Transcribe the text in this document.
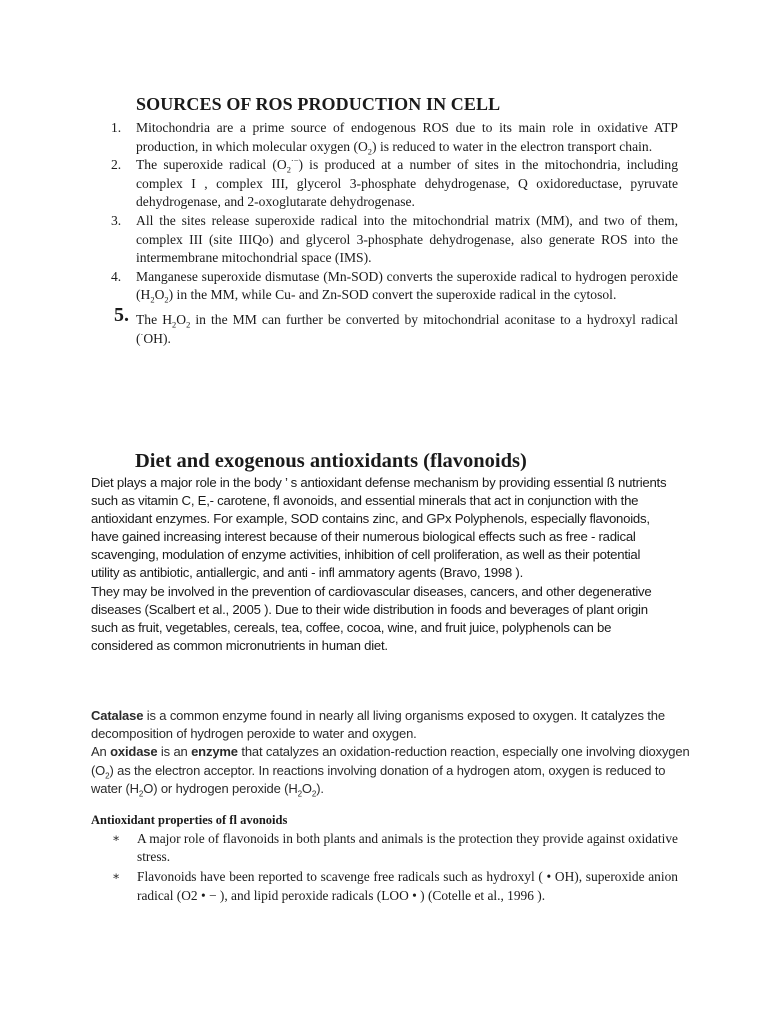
SOURCES OF ROS PRODUCTION IN CELL
1. Mitochondria are a prime source of endogenous ROS due to its main role in oxidative ATP production, in which molecular oxygen $(O_2)$ is reduced to water in the electron transport chain.
2. The superoxide radical $(O_2^{\cdot-})$ is produced at a number of sites in the mitochondria, including complex I , complex III, glycerol 3-phosphate dehydrogenase, Q oxidoreductase, pyruvate dehydrogenase, and 2-oxoglutarate dehydrogenase.
3. All the sites release superoxide radical into the mitochondrial matrix (MM), and two of them, complex III (site IIIQo) and glycerol 3-phosphate dehydrogenase, also generate ROS into the intermembrane mitochondrial space (IMS).
4. Manganese superoxide dismutase (Mn-SOD) converts the superoxide radical to hydrogen peroxide $(H_2O_2)$ in the MM, while Cu- and Zn-SOD convert the superoxide radical in the cytosol.
5. The $H_2O_2$ in the MM can further be converted by mitochondrial aconitase to a hydroxyl radical (·OH).
Diet and exogenous antioxidants (flavonoids)

Diet plays a major role in the body ’ s antioxidant defense mechanism by providing essential ß nutrients such as vitamin C, E,- carotene, fl avonoids, and essential minerals that act in conjunction with the antioxidant enzymes. For example, SOD contains zinc, and GPx Polyphenols, especially flavonoids, have gained increasing interest because of their numerous biological effects such as free - radical scavenging, modulation of enzyme activities, inhibition of cell proliferation, as well as their potential utility as antibiotic, antiallergic, and anti - infl ammatory agents (Bravo, 1998 ).

They may be involved in the prevention of cardiovascular diseases, cancers, and other degenerative diseases (Scalbert et al., 2005 ). Due to their wide distribution in foods and beverages of plant origin such as fruit, vegetables, cereals, tea, coffee, cocoa, wine, and fruit juice, polyphenols can be considered as common micronutrients in human diet.

Catalase is a common enzyme found in nearly all living organisms exposed to oxygen. It catalyzes the decomposition of hydrogen peroxide to water and oxygen.

An oxidase is an enzyme that catalyzes an oxidation-reduction reaction, especially one involving dioxygen $(O_2)$ as the electron acceptor. In reactions involving donation of a hydrogen atom, oxygen is reduced to water $(H_2O)$ or hydrogen peroxide $(H_2O_2)$.

Antioxidant properties of fl avonoids
∗ A major role of flavonoids in both plants and animals is the protection they provide against oxidative stress.
∗ Flavonoids have been reported to scavenge free radicals such as hydroxyl ( • OH), superoxide anion radical (O2 • − ), and lipid peroxide radicals (LOO • ) (Cotelle et al., 1996 ).
